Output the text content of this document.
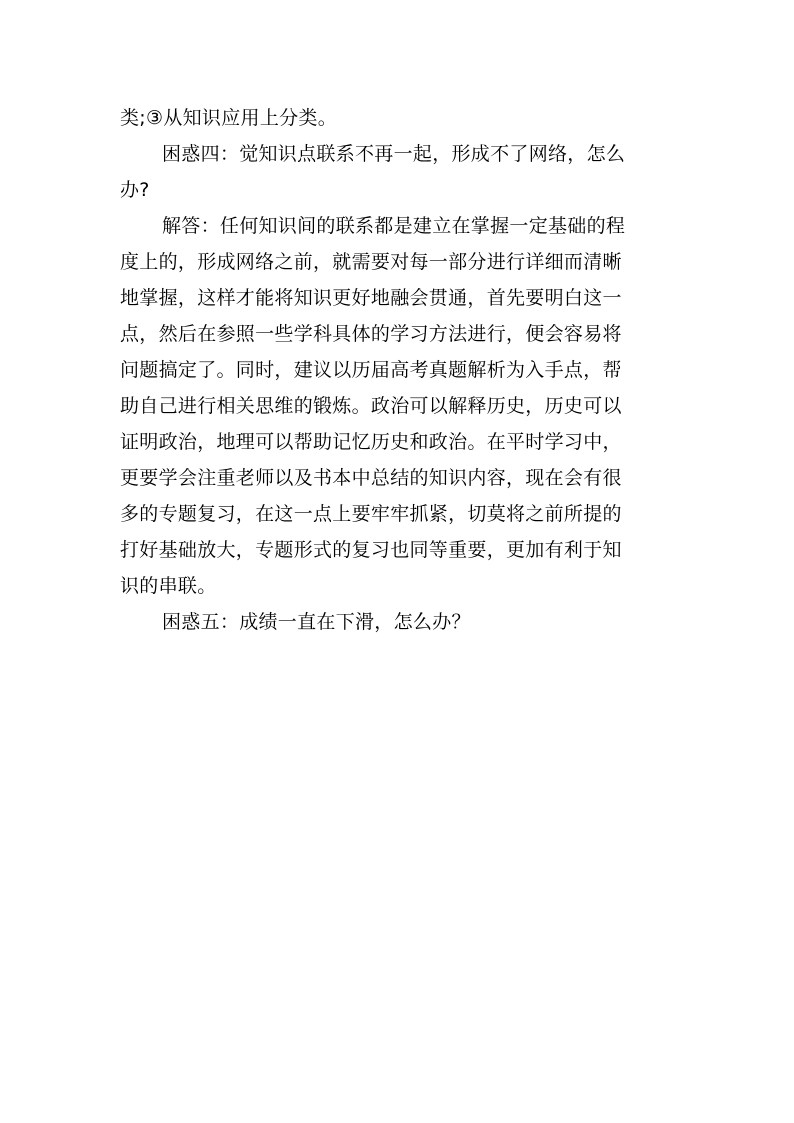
类;③从知识应用上分类。
困惑四：觉知识点联系不再一起，形成不了网络，怎么
办?
解答：任何知识间的联系都是建立在掌握一定基础的程
度上的，形成网络之前，就需要对每一部分进行详细而清晰
地掌握，这样才能将知识更好地融会贯通，首先要明白这一
点，然后在参照一些学科具体的学习方法进行，便会容易将
问题搞定了。同时，建议以历届高考真题解析为入手点，帮
助自己进行相关思维的锻炼。政治可以解释历史，历史可以
证明政治，地理可以帮助记忆历史和政治。在平时学习中，
更要学会注重老师以及书本中总结的知识内容，现在会有很
多的专题复习，在这一点上要牢牢抓紧，切莫将之前所提的
打好基础放大，专题形式的复习也同等重要，更加有利于知
识的串联。
困惑五：成绩一直在下滑，怎么办？
